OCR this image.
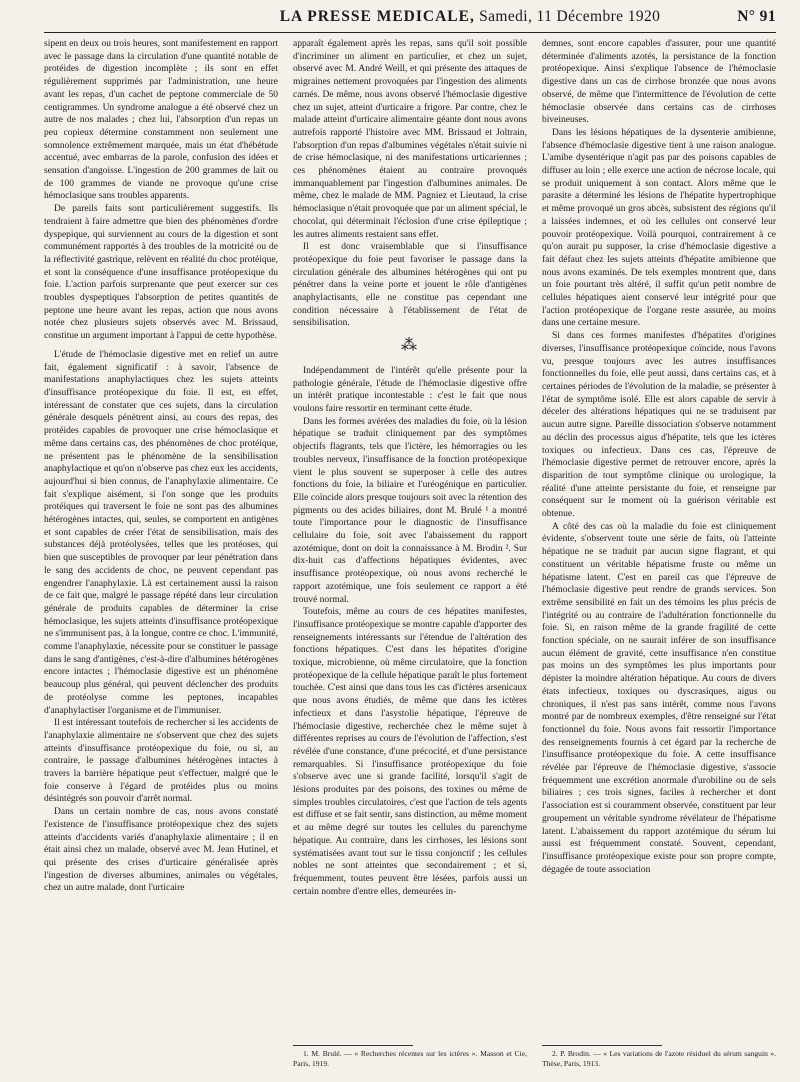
LA PRESSE MEDICALE, Samedi, 11 Décembre 1920	N° 91

sipent en deux ou trois heures, sont manifestement en rapport avec le passage dans la circulation d'une quantité notable de protéides de digestion incomplète ; ils sont en effet régulièrement supprimés par l'administration, une heure avant les repas, d'un cachet de peptone commerciale de 50 centigrammes. Un syndrome analogue a été observé chez un autre de nos malades ; chez lui, l'absorption d'un repas un peu copieux détermine constamment non seulement une somnolence extrêmement marquée, mais un état d'hébétude accentué, avec embarras de la parole, confusion des idées et sensation d'angoisse. L'ingestion de 200 grammes de lait ou de 100 grammes de viande ne provoque qu'une crise hémoclasique sans troubles apparents.

De pareils faits sont particulièrement suggestifs. Ils tendraient à faire admettre que bien des phénomènes d'ordre dyspepique, qui surviennent au cours de la digestion et sont communément rapportés à des troubles de la motricité ou de la réflectivité gastrique, relèvent en réalité du choc protéique, et sont la conséquence d'une insuffisance protéopexique du foie. L'action parfois surprenante que peut exercer sur ces troubles dyspeptiques l'absorption de petites quantités de peptone une heure avant les repas, action que nous avons notée chez plusieurs sujets observés avec M. Brissaud, constitue un argument important à l'appui de cette hypothèse.

L'étude de l'hémoclasie digestive met en relief un autre fait, également significatif : à savoir, l'absence de manifestations anaphylactiques chez les sujets atteints d'insuffisance protéopexique du foie. Il est, en effet, intéressant de constater que ces sujets, dans la circulation générale desquels pénètrent ainsi, au cours des repas, des protéides capables de provoquer une crise hémoclasique et même dans certains cas, des phénomènes de choc protéique, ne présentent pas le phénomène de la sensibilisation anaphylactique et qu'on n'observe pas chez eux les accidents, aujourd'hui si bien connus, de l'anaphylaxie alimentaire. Ce fait s'explique aisément, si l'on songe que les produits protéiques qui traversent le foie ne sont pas des albumines hétérogènes intactes, qui, seules, se comportent en antigènes et sont capables de créer l'état de sensibilisation, mais des substances déjà protéolysées, telles que les protéoses, qui bien que susceptibles de provoquer par leur pénétration dans le sang des accidents de choc, ne peuvent cependant pas engendrer l'anaphylaxie. Là est certainement aussi la raison de ce fait que, malgré le passage répété dans leur circulation générale de produits capables de déterminer la crise hémoclasique, les sujets atteints d'insuffisance protéopexique ne s'immunisent pas, à la longue, contre ce choc. L'immunité, comme l'anaphylaxie, nécessite pour se constituer le passage dans le sang d'antigènes, c'est-à-dire d'albumines hétérogènes encore intactes ; l'hémoclasie digestive est un phénomène beaucoup plus général, qui peuvent déclencher des produits de protéolyse comme les peptones, incapables d'anaphylactiser l'organisme et de l'immuniser.

Il est intéressant toutefois de rechercher si les accidents de l'anaphylaxie alimentaire ne s'observent que chez des sujets atteints d'insuffisance protéopexique du foie, ou si, au contraire, le passage d'albumines hétérogènes intactes à travers la barrière hépatique peut s'effectuer, malgré que le foie conserve à l'égard de protéides plus ou moins désintégrés son pouvoir d'arrêt normal.

Dans un certain nombre de cas, nous avons constaté l'existence de l'insuffisance protéopexique chez des sujets atteints d'accidents variés d'anaphylaxie alimentaire ; il en était ainsi chez un malade, observé avec M. Jean Hutinel, et qui présente des crises d'urticaire généralisée après l'ingestion de diverses albumines, animales ou végétales, chez un autre malade, dont l'urticaire

apparaît également après les repas, sans qu'il soit possible d'incriminer un aliment en particulier, et chez un sujet, observé avec M. André Weill, et qui présente des attaques de migraines nettement provoquées par l'ingestion des aliments carnés. De même, nous avons observé l'hémoclasie digestive chez un sujet, atteint d'urticaire a frigore. Par contre, chez le malade atteint d'urticaire alimentaire géante dont nous avons autrefois rapporté l'histoire avec MM. Brissaud et Joltrain, l'absorption d'un repas d'albumines végétales n'était suivie ni de crise hémoclasique, ni des manifestations urticariennes ; ces phénomènes étaient au contraire provoqués immanquablement par l'ingestion d'albumines animales. De même, chez le malade de MM. Pagniez et Lieutaud, la crise hémoclasique n'était provoquée que par un aliment spécial, le chocolat, qui déterminait l'éclosion d'une crise épileptique ; les autres aliments restaient sans effet.

Il est donc vraisemblable que si l'insuffisance protéopexique du foie peut favoriser le passage dans la circulation générale des albumines hétérogènes qui ont pu pénétrer dans la veine porte et jouent le rôle d'antigènes anaphylactisants, elle ne constitue pas cependant une condition nécessaire à l'établissement de l'état de sensibilisation.

⁂

Indépendamment de l'intérêt qu'elle présente pour la pathologie générale, l'étude de l'hémoclasie digestive offre un intérêt pratique incontestable : c'est le fait que nous voulons faire ressortir en terminant cette étude.

Dans les formes avérées des maladies du foie, où la lésion hépatique se traduit cliniquement par des symptômes objectifs flagrants, tels que l'ictère, les hémorragies ou les troubles nerveux, l'insuffisance de la fonction protéopexique vient le plus souvent se superposer à celle des autres fonctions du foie, la biliaire et l'uréogénique en particulier. Elle coïncide alors presque toujours soit avec la rétention des pigments ou des acides biliaires, dont M. Brulé ¹ a montré toute l'importance pour le diagnostic de l'insuffisance cellulaire du foie, soit avec l'abaissement du rapport azotémique, dont on doit la connaissance à M. Brodin ². Sur dix-huit cas d'affections hépatiques évidentes, avec insuffisance protéopexique, où nous avons recherché le rapport azotémique, une fois seulement ce rapport a été trouvé normal.

Toutefois, même au cours de ces hépatites manifestes, l'insuffisance protéopexique se montre capable d'apporter des renseignements intéressants sur l'étendue de l'altération des fonctions hépatiques. C'est dans les hépatites d'origine toxique, microbienne, où même circulatoire, que la fonction protéopexique de la cellule hépatique paraît le plus fortement touchée. C'est ainsi que dans tous les cas d'ictères arsenicaux que nous avons étudiés, de même que dans les ictères infectieux et dans l'asystolie hépatique, l'épreuve de l'hémoclasie digestive, recherchée chez le même sujet à différentes reprises au cours de l'évolution de l'affection, s'est révélée d'une constance, d'une précocité, et d'une persistance remarquables. Si l'insuffisance protéopexique du foie s'observe avec une si grande facilité, lorsqu'il s'agit de lésions produites par des poisons, des toxines ou même de simples troubles circulatoires, c'est que l'action de tels agents est diffuse et se fait sentir, sans distinction, au même moment et au même degré sur toutes les cellules du parenchyme hépatique. Au contraire, dans les cirrhoses, les lésions sont systématisées avant tout sur le tissu conjonctif ; les cellules nobles ne sont atteintes que secondairement ; et si, fréquemment, toutes peuvent être lésées, parfois aussi un certain nombre d'entre elles, demeurées in-

1. M. Brulé. — « Recherches récentes sur les ictères ». Masson et Cie, Paris, 1919.

demnes, sont encore capables d'assurer, pour une quantité déterminée d'aliments azotés, la persistance de la fonction protéopexique. Ainsi s'explique l'absence de l'hémoclasie digestive dans un cas de cirrhose bronzée que nous avons observé, de même que l'intermittence de l'évolution de cette hémoclasie observée dans certains cas de cirrhoses biveineuses.

Dans les lésions hépatiques de la dysenterie amibienne, l'absence d'hémoclasie digestive tient à une raison analogue. L'amibe dysentérique n'agit pas par des poisons capables de diffuser au loin ; elle exerce une action de nécrose locale, qui se produit uniquement à son contact. Alors même que le parasite a déterminé les lésions de l'hépatite hypertrophique et même provoqué un gros abcès, subsistent des régions qu'il a laissées indemnes, et où les cellules ont conservé leur pouvoir protéopexique. Voilà pourquoi, contrairement à ce qu'on aurait pu supposer, la crise d'hémoclasie digestive a fait défaut chez les sujets atteints d'hépatite amibienne que nous avons examinés. De tels exemples montrent que, dans un foie pourtant très altéré, il suffit qu'un petit nombre de cellules hépatiques aient conservé leur intégrité pour que l'action protéopexique de l'organe reste assurée, au moins dans une certaine mesure.

Si dans ces formes manifestes d'hépatites d'origines diverses, l'insuffisance protéopexique coïncide, nous l'avons vu, presque toujours avec les autres insuffisances fonctionnelles du foie, elle peut aussi, dans certains cas, et à certaines périodes de l'évolution de la maladie, se présenter à l'état de symptôme isolé. Elle est alors capable de servir à déceler des altérations hépatiques qui ne se traduisent par aucun autre signe. Pareille dissociation s'observe notamment au déclin des processus aigus d'hépatite, tels que les ictères toxiques ou infectieux. Dans ces cas, l'épreuve de l'hémoclasie digestive permet de retrouver encore, après la disparition de tout symptôme clinique ou urologique, la réalité d'une atteinte persistante du foie, et renseigne par conséquent sur le moment où la guérison véritable est obtenue.

A côté des cas où la maladie du foie est cliniquement évidente, s'observent toute une série de faits, où l'atteinte hépatique ne se traduit par aucun signe flagrant, et qui constituent un véritable hépatisme fruste ou même un hépatisme latent. C'est en pareil cas que l'épreuve de l'hémoclasie digestive peut rendre de grands services. Son extrême sensibilité en fait un des témoins les plus précis de l'intégrité ou au contraire de l'adultération fonctionnelle du foie. Si, en raison même de la grande fragilité de cette fonction spéciale, on ne saurait inférer de son insuffisance aucun élément de gravité, cette insuffisance n'en constitue pas moins un des symptômes les plus importants pour dépister la moindre altération hépatique. Au cours de divers états infectieux, toxiques ou dyscrasiques, aigus ou chroniques, il n'est pas sans intérêt, comme nous l'avons montré par de nombreux exemples, d'être renseigné sur l'état fonctionnel du foie. Nous avons fait ressortir l'importance des renseignements fournis à cet égard par la recherche de l'insuffisance protéopexique du foie. A cette insuffisance révélée par l'épreuve de l'hémoclasie digestive, s'associe fréquemment une excrétion anormale d'urobiline ou de sels biliaires ; ces trois signes, faciles à rechercher et dont l'association est si couramment observée, constituent par leur groupement un véritable syndrome révélateur de l'hépatisme latent. L'abaissement du rapport azotémique du sérum lui aussi est fréquemment constaté. Souvent, cependant, l'insuffisance protéopexique existe pour son propre compte, dégagée de toute association

2. P. Brodin. — « Les variations de l'azote résiduel du sérum sanguin ». Thèse, Paris, 1913.
